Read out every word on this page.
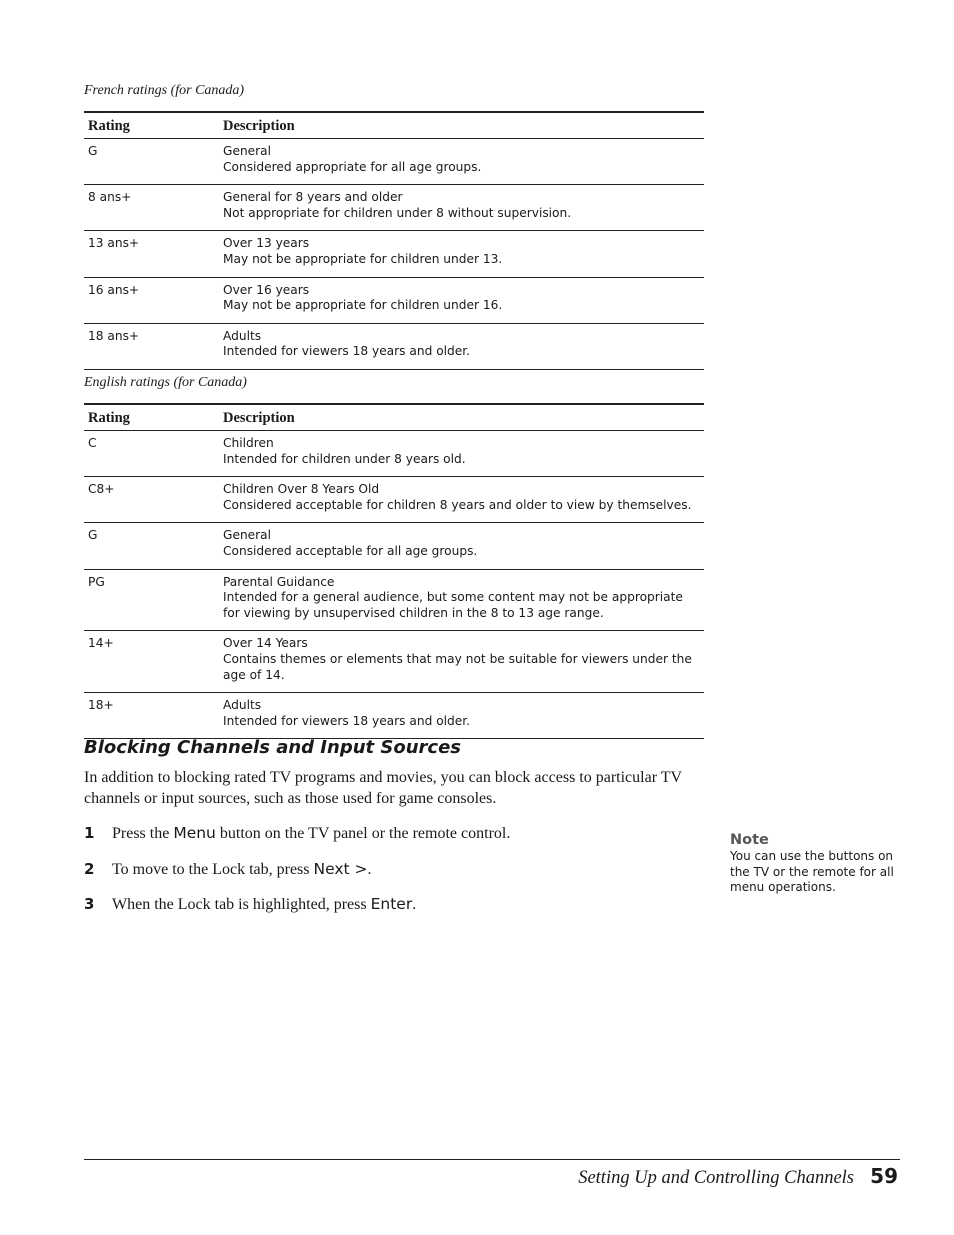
French ratings (for Canada)
Rating	Description
G	General
Considered appropriate for all age groups.

8 ans+	General for 8 years and older
Not appropriate for children under 8 without supervision.

13 ans+	Over 13 years
May not be appropriate for children under 13.

16 ans+	Over 16 years
May not be appropriate for children under 16.

18 ans+	Adults
Intended for viewers 18 years and older.
English ratings (for Canada)
Rating	Description
C	Children
Intended for children under 8 years old.

C8+	Children Over 8 Years Old
Considered acceptable for children 8 years and older to view by themselves.

G	General
Considered acceptable for all age groups.

PG	Parental Guidance
Intended for a general audience, but some content may not be appropriate
for viewing by unsupervised children in the 8 to 13 age range.

14+	Over 14 Years
Contains themes or elements that may not be suitable for viewers under the
age of 14.

18+	Adults
Intended for viewers 18 years and older.
Blocking Channels and Input Sources

In addition to blocking rated TV programs and movies, you can block access to particular TV channels or input sources, such as those used for game consoles.

1 Press the Menu button on the TV panel or the remote control.
2 To move to the Lock tab, press Next >.
3 When the Lock tab is highlighted, press Enter.
Note
You can use the buttons on the TV or the remote for all menu operations.
Setting Up and Controlling Channels 59
